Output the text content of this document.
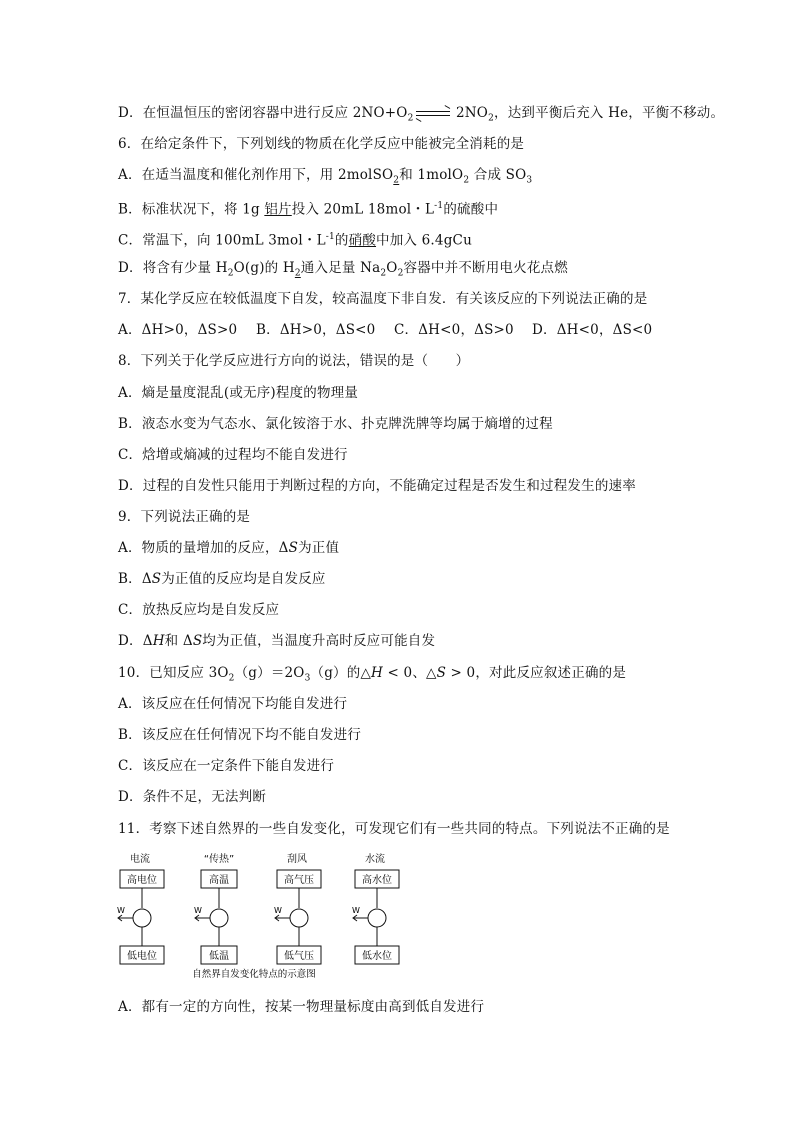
D．在恒温恒压的密闭容器中进行反应 $2NO+O_2$	$2NO_2$，达到平衡后充入 He，平衡不移动。
6．在给定条件下，下列划线的物质在化学反应中能被完全消耗的是
A．在适当温度和催化剂作用下，用 2molSO$_2$和 1molO$_2$ 合成 $SO_3$
B．标准状况下，将 1g 铝片投入 20mL 18mol・$L^{-1}$的硫酸中
C．常温下，向 100mL 3mol・$L^{-1}$的硝酸中加入 6.4gCu
D．将含有少量 $H_2O(g)$的 $H_2$通入足量 $Na_2O_2$容器中并不断用电火花点燃
7．某化学反应在较低温度下自发，较高温度下非自发．有关该反应的下列说法正确的是
A．ΔH>0，ΔS>0 B．ΔH>0，ΔS<0 C．ΔH<0，ΔS>0 D．ΔH<0，ΔS<0
8．下列关于化学反应进行方向的说法，错误的是（　　）
A．熵是量度混乱(或无序)程度的物理量
B．液态水变为气态水、氯化铵溶于水、扑克牌洗牌等均属于熵增的过程
C．焓增或熵减的过程均不能自发进行
D．过程的自发性只能用于判断过程的方向，不能确定过程是否发生和过程发生的速率
9．下列说法正确的是
A．物质的量增加的反应，ΔS为正值
B．ΔS为正值的反应均是自发反应
C．放热反应均是自发反应
D．ΔH和 ΔS均为正值，当温度升高时反应可能自发
10．已知反应 $3O_2(g)=2O_3(g)$的△H < 0、△S > 0，对此反应叙述正确的是
A．该反应在任何情况下均能自发进行
B．该反应在任何情况下均不能自发进行
C．该反应在一定条件下能自发进行
D．条件不足，无法判断
11．考察下述自然界的一些自发变化，可发现它们有一些共同的特点。下列说法不正确的是
电流	“传热”	刮风	水流
高电位
W
低电位
高温
W
低温
高气压
W
低气压
高水位
W
低水位
自然界自发变化特点的示意图
A．都有一定的方向性，按某一物理量标度由高到低自发进行
